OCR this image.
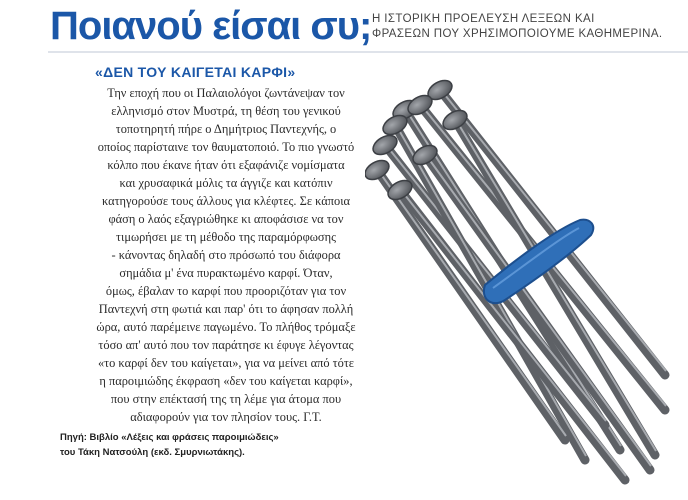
Ποιανού είσαι συ; Η ΙΣΤΟΡΙΚΗ ΠΡΟΕΛΕΥΣΗ ΛΕΞΕΩΝ ΚΑΙ
ΦΡΑΣΕΩΝ ΠΟΥ ΧΡΗΣΙΜΟΠΟΙΟΥΜΕ ΚΑΘΗΜΕΡΙΝΑ.
«ΔΕΝ ΤΟΥ ΚΑΙΓΕΤΑΙ ΚΑΡΦΙ»
Την εποχή που οι Παλαιολόγοι ζωντάνεψαν τον
ελληνισμό στον Μυστρά, τη θέση του γενικού
τοποτηρητή πήρε ο Δημήτριος Παντεχνής, ο
οποίος παρίσταινε τον θαυματοποιό. Το πιο γνωστό
κόλπο που έκανε ήταν ότι εξαφάνιζε νομίσματα
και χρυσαφικά μόλις τα άγγιζε και κατόπιν
κατηγορούσε τους άλλους για κλέφτες. Σε κάποια
φάση ο λαός εξαγριώθηκε κι αποφάσισε να τον
τιμωρήσει με τη μέθοδο της παραμόρφωσης
- κάνοντας δηλαδή στο πρόσωπό του διάφορα
σημάδια μ' ένα πυρακτωμένο καρφί. Όταν,
όμως, έβαλαν το καρφί που προοριζόταν για τον
Παντεχνή στη φωτιά και παρ' ότι το άφησαν πολλή
ώρα, αυτό παρέμεινε παγωμένο. Το πλήθος τρόμαξε
τόσο απ' αυτό που τον παράτησε κι έφυγε λέγοντας
«το καρφί δεν του καίγεται», για να μείνει από τότε
η παροιμιώδης έκφραση «δεν του καίγεται καρφί»,
που στην επέκτασή της τη λέμε για άτομα που
αδιαφορούν για τον πλησίον τους. Γ.Τ.
Πηγή: Βιβλίο «Λέξεις και φράσεις παροιμιώδεις»
του Τάκη Νατσούλη (εκδ. Σμυρνιωτάκης).
